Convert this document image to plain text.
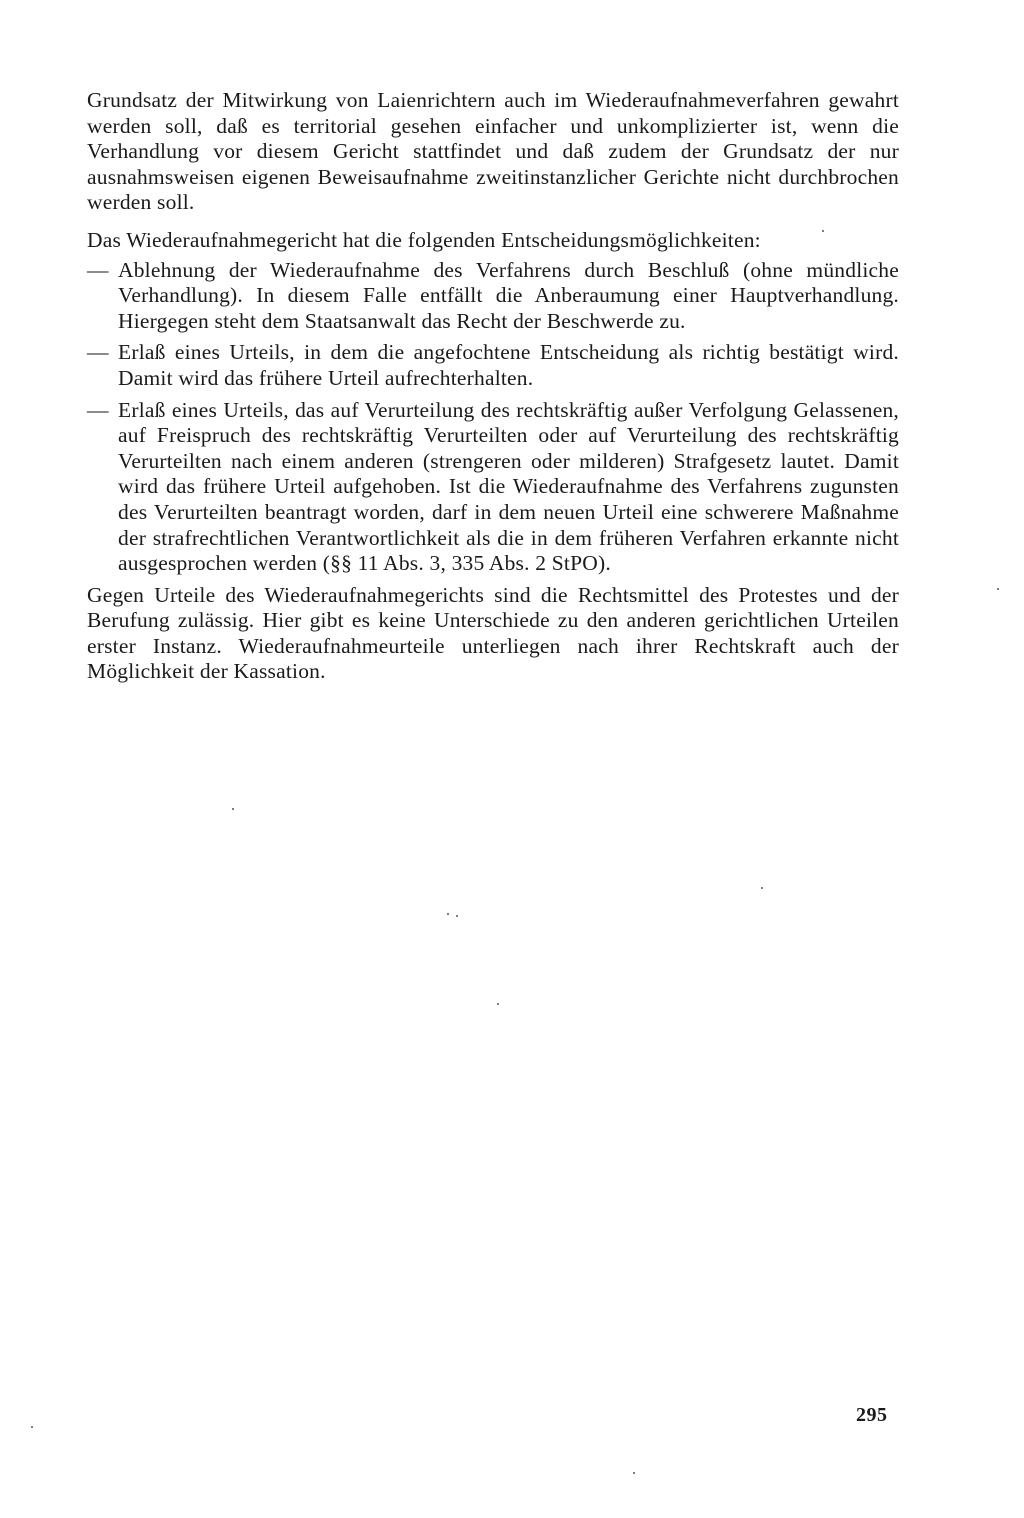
Grundsatz der Mitwirkung von Laienrichtern auch im Wiederaufnahmeverfahren gewahrt werden soll, daß es territorial gesehen einfacher und unkomplizierter ist, wenn die Verhandlung vor diesem Gericht stattfindet und daß zudem der Grundsatz der nur ausnahmsweisen eigenen Beweisaufnahme zweitinstanzlicher Gerichte nicht durchbrochen werden soll.

Das Wiederaufnahmegericht hat die folgenden Entscheidungsmöglichkeiten:

— Ablehnung der Wiederaufnahme des Verfahrens durch Beschluß (ohne mündliche Verhandlung). In diesem Falle entfällt die Anberaumung einer Hauptverhandlung. Hiergegen steht dem Staatsanwalt das Recht der Beschwerde zu.
— Erlaß eines Urteils, in dem die angefochtene Entscheidung als richtig bestätigt wird. Damit wird das frühere Urteil aufrechterhalten.
— Erlaß eines Urteils, das auf Verurteilung des rechtskräftig außer Verfolgung Gelassenen, auf Freispruch des rechtskräftig Verurteilten oder auf Verurteilung des rechtskräftig Verurteilten nach einem anderen (strengeren oder milderen) Strafgesetz lautet. Damit wird das frühere Urteil aufgehoben. Ist die Wiederaufnahme des Verfahrens zugunsten des Verurteilten beantragt worden, darf in dem neuen Urteil eine schwerere Maßnahme der strafrechtlichen Verantwortlichkeit als die in dem früheren Verfahren erkannte nicht ausgesprochen werden (§§ 11 Abs. 3, 335 Abs. 2 StPO).

Gegen Urteile des Wiederaufnahmegerichts sind die Rechtsmittel des Protestes und der Berufung zulässig. Hier gibt es keine Unterschiede zu den anderen gerichtlichen Urteilen erster Instanz. Wiederaufnahmeurteile unterliegen nach ihrer Rechtskraft auch der Möglichkeit der Kassation.

295
